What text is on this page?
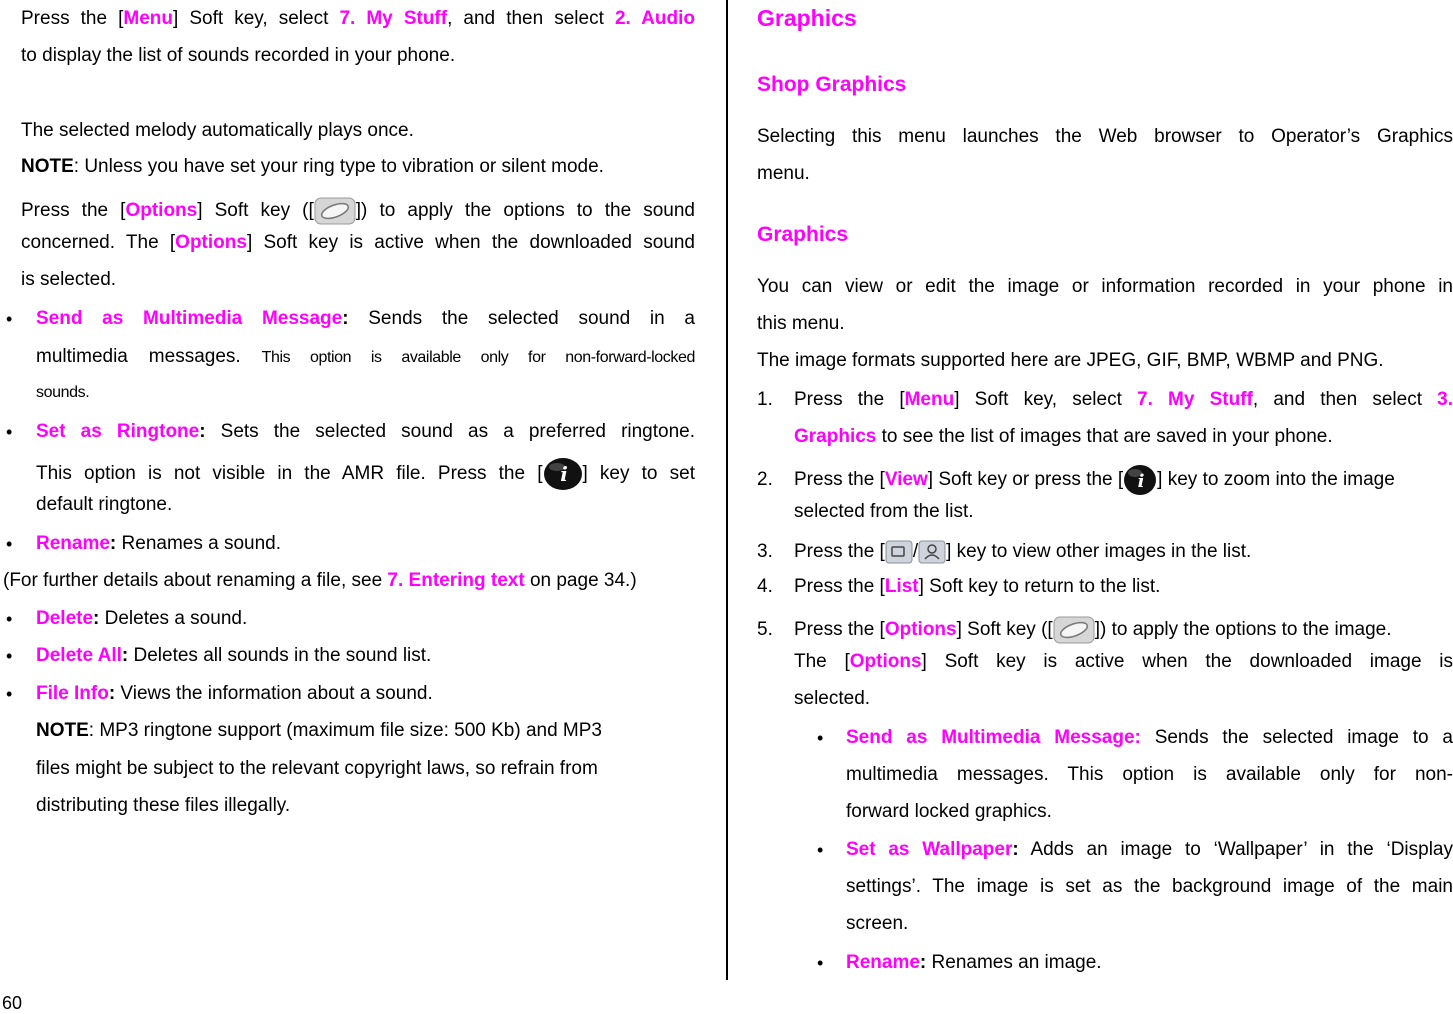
Press the [Menu] Soft key, select 7. My Stuff, and then select 2. Audio

to display the list of sounds recorded in your phone.

The selected melody automatically plays once.

NOTE: Unless you have set your ring type to vibration or silent mode.

Press the [Options] Soft key ([ ]) to apply the options to the sound

concerned. The [Options] Soft key is active when the downloaded sound

is selected.

• Send as Multimedia Message: Sends the selected sound in a

multimedia messages. This option is available only for non-forward-locked

sounds.

• Set as Ringtone: Sets the selected sound as a preferred ringtone.

This option is not visible in the AMR file. Press the [ i ] key to set

default ringtone.

• Rename: Renames a sound.

(For further details about renaming a file, see 7. Entering text on page 34.)

• Delete: Deletes a sound.

• Delete All: Deletes all sounds in the sound list.

• File Info: Views the information about a sound.

NOTE: MP3 ringtone support (maximum file size: 500 Kb) and MP3

files might be subject to the relevant copyright laws, so refrain from

distributing these files illegally.

Graphics

Shop Graphics

Selecting this menu launches the Web browser to Operator’s Graphics

menu.

Graphics

You can view or edit the image or information recorded in your phone in

this menu.

The image formats supported here are JPEG, GIF, BMP, WBMP and PNG.

1. Press the [Menu] Soft key, select 7. My Stuff, and then select 3.

Graphics to see the list of images that are saved in your phone.

2. Press the [View] Soft key or press the [ i ] key to zoom into the image

selected from the list.

3. Press the [ / ] key to view other images in the list.

4. Press the [List] Soft key to return to the list.

5. Press the [Options] Soft key ([ ]) to apply the options to the image.

The [Options] Soft key is active when the downloaded image is

selected.

• Send as Multimedia Message: Sends the selected image to a

multimedia messages. This option is available only for non-

forward locked graphics.

• Set as Wallpaper: Adds an image to ‘Wallpaper’ in the ‘Display

settings’. The image is set as the background image of the main

screen.

• Rename: Renames an image.

60
